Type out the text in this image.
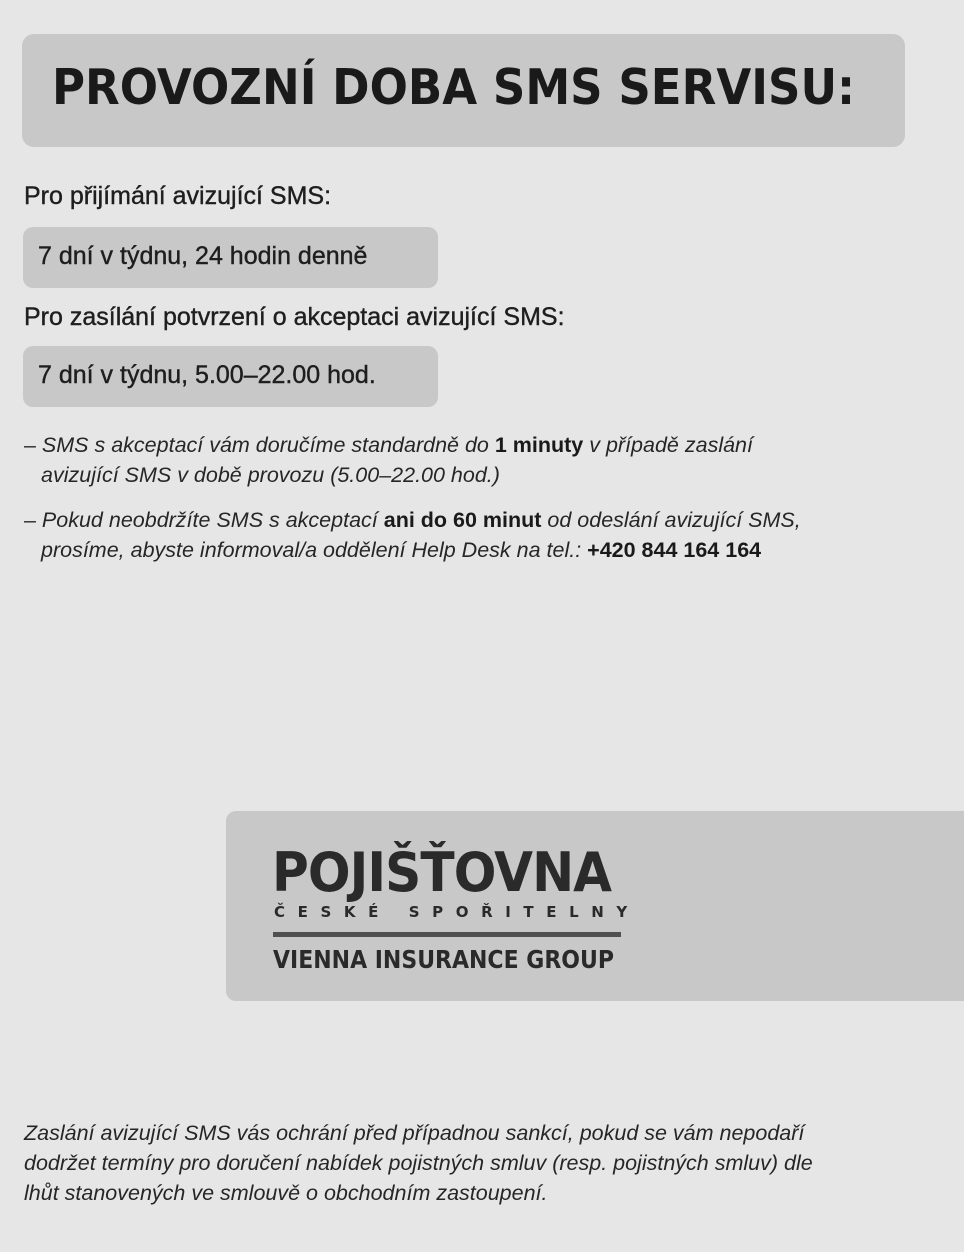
PROVOZNÍ DOBA SMS SERVISU:
Pro přijímání avizující SMS:
7 dní v týdnu, 24 hodin denně
Pro zasílání potvrzení o akceptaci avizující SMS:
7 dní v týdnu, 5.00–22.00 hod.
– SMS s akceptací vám doručíme standardně do 1 minuty v případě zaslání
avizující SMS v době provozu (5.00–22.00 hod.)
– Pokud neobdržíte SMS s akceptací ani do 60 minut od odeslání avizující SMS,
prosíme, abyste informoval/a oddělení Help Desk na tel.: +420 844 164 164
POJIŠŤOVNA
ČESKÉ SPOŘITELNY
VIENNA INSURANCE GROUP
Zaslání avizující SMS vás ochrání před případnou sankcí, pokud se vám nepodaří
dodržet termíny pro doručení nabídek pojistných smluv (resp. pojistných smluv) dle
lhůt stanovených ve smlouvě o obchodním zastoupení.
